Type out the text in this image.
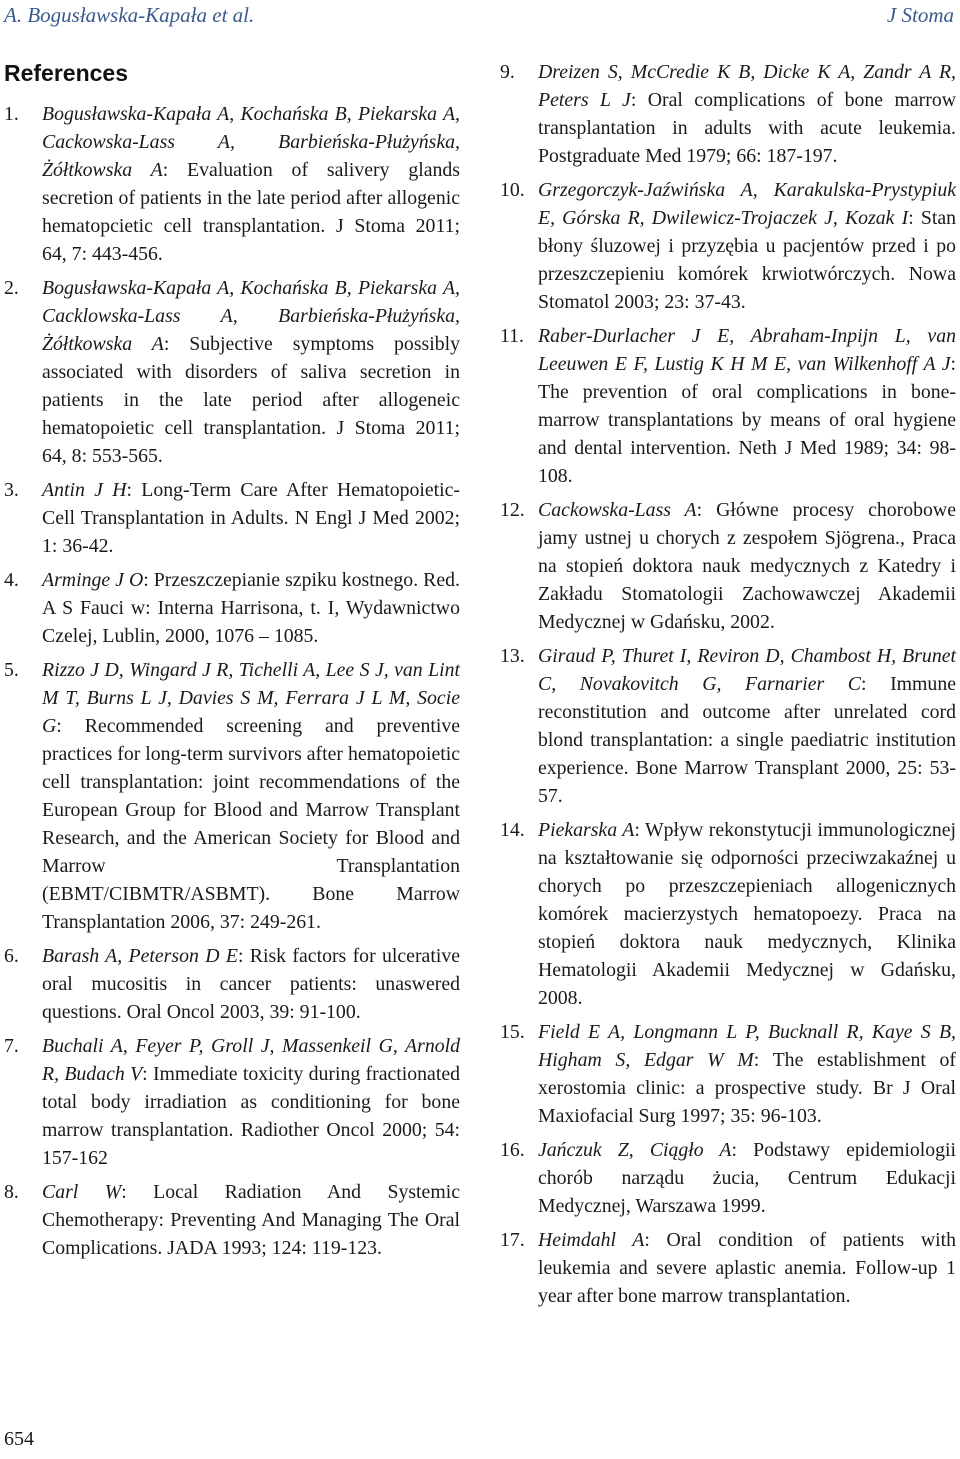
A. Bogusławska-Kapała et al.	J Stoma
References
1. Bogusławska-Kapała A, Kochańska B, Piekarska A, Cackowska-Lass A, Barbieńska-Płużyńska, Żółtkowska A: Evaluation of salivery glands secretion of patients in the late period after allogenic hematopcietic cell transplantation. J Stoma 2011; 64, 7: 443-456.
2. Bogusławska-Kapała A, Kochańska B, Piekarska A, Cacklowska-Lass A, Barbieńska-Płużyńska, Żółtkowska A: Subjective symptoms possibly associated with disorders of saliva secretion in patients in the late period after allogeneic hematopoietic cell transplantation. J Stoma 2011; 64, 8: 553-565.
3. Antin J H: Long-Term Care After Hematopoietic-Cell Transplantation in Adults. N Engl J Med 2002; 1: 36-42.
4. Arminge J O: Przeszczepianie szpiku kostnego. Red. A S Fauci w: Interna Harrisona, t. I, Wydawnictwo Czelej, Lublin, 2000, 1076 – 1085.
5. Rizzo J D, Wingard J R, Tichelli A, Lee S J, van Lint M T, Burns L J, Davies S M, Ferrara J L M, Socie G: Recommended screening and preventive practices for long-term survivors after hematopoietic cell transplantation: joint recommendations of the European Group for Blood and Marrow Transplant Research, and the American Society for Blood and Marrow Transplantation (EBMT/CIBMTR/ASBMT). Bone Marrow Transplantation 2006, 37: 249-261.
6. Barash A, Peterson D E: Risk factors for ulcerative oral mucositis in cancer patients: unaswered questions. Oral Oncol 2003, 39: 91-100.
7. Buchali A, Feyer P, Groll J, Massenkeil G, Arnold R, Budach V: Immediate toxicity during fractionated total body irradiation as conditioning for bone marrow transplantation. Radiother Oncol 2000; 54: 157-162
8. Carl W: Local Radiation And Systemic Chemotherapy: Preventing And Managing The Oral Complications. JADA 1993; 124: 119-123.
9. Dreizen S, McCredie K B, Dicke K A, Zandr A R, Peters L J: Oral complications of bone marrow transplantation in adults with acute leukemia. Postgraduate Med 1979; 66: 187-197.
10. Grzegorczyk-Jaźwińska A, Karakulska-Prystypiuk E, Górska R, Dwilewicz-Trojaczek J, Kozak I: Stan błony śluzowej i przyzębia u pacjentów przed i po przeszczepieniu komórek krwiotwórczych. Nowa Stomatol 2003; 23: 37-43.
11. Raber-Durlacher J E, Abraham-Inpijn L, van Leeuwen E F, Lustig K H M E, van Wilkenhoff A J: The prevention of oral complications in bone-marrow transplantations by means of oral hygiene and dental intervention. Neth J Med 1989; 34: 98-108.
12. Cackowska-Lass A: Główne procesy chorobowe jamy ustnej u chorych z zespołem Sjögrena., Praca na stopień doktora nauk medycznych z Katedry i Zakładu Stomatologii Zachowawczej Akademii Medycznej w Gdańsku, 2002.
13. Giraud P, Thuret I, Reviron D, Chambost H, Brunet C, Novakovitch G, Farnarier C: Immune reconstitution and outcome after unrelated cord blond transplantation: a single paediatric institution experience. Bone Marrow Transplant 2000, 25: 53-57.
14. Piekarska A: Wpływ rekonstytucji immunologicznej na kształtowanie się odporności przeciwzakaźnej u chorych po przeszczepieniach allogenicznych komórek macierzystych hematopoezy. Praca na stopień doktora nauk medycznych, Klinika Hematologii Akademii Medycznej w Gdańsku, 2008.
15. Field E A, Longmann L P, Bucknall R, Kaye S B, Higham S, Edgar W M: The establishment of xerostomia clinic: a prospective study. Br J Oral Maxiofacial Surg 1997; 35: 96-103.
16. Jańczuk Z, Ciągło A: Podstawy epidemiologii chorób narządu żucia, Centrum Edukacji Medycznej, Warszawa 1999.
17. Heimdahl A: Oral condition of patients with leukemia and severe aplastic anemia. Follow-up 1 year after bone marrow transplantation.
654
